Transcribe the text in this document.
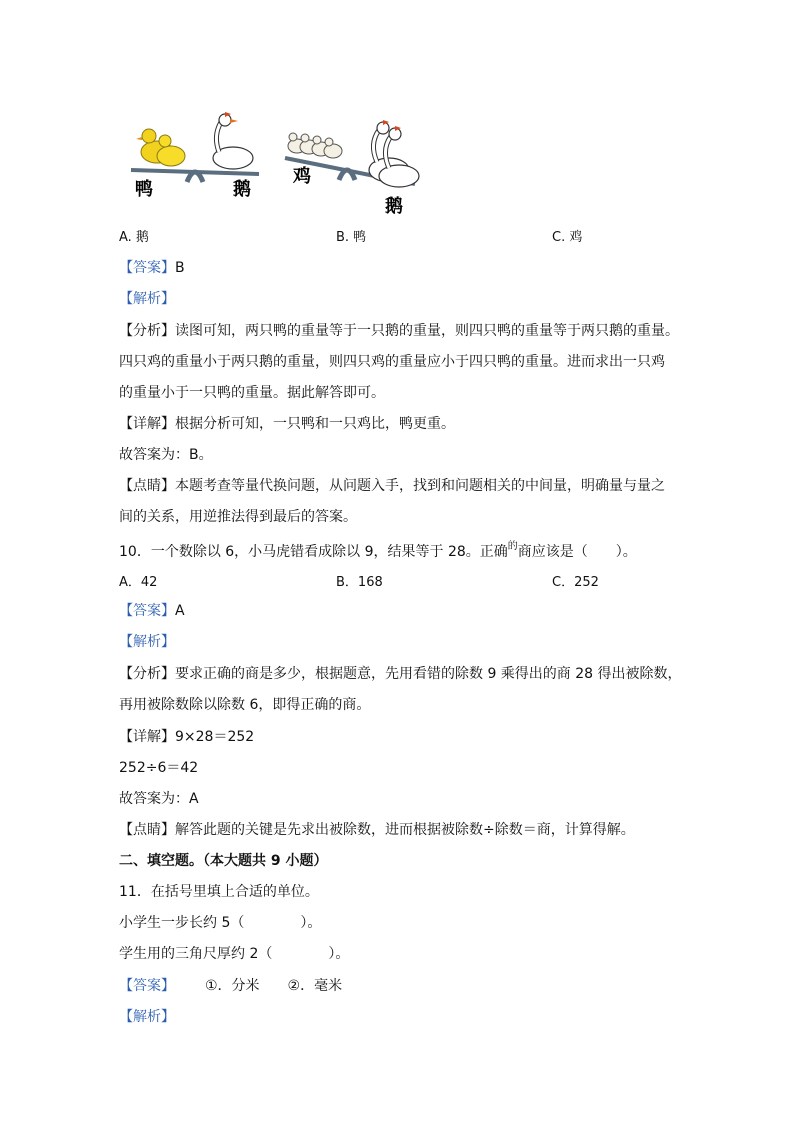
鸭	鹅
鸡
鹅
A. 鹅	B. 鸭	C. 鸡
【答案】B
【解析】
【分析】读图可知，两只鸭的重量等于一只鹅的重量，则四只鸭的重量等于两只鹅的重量。
四只鸡的重量小于两只鹅的重量，则四只鸡的重量应小于四只鸭的重量。进而求出一只鸡
的重量小于一只鸭的重量。据此解答即可。
【详解】根据分析可知，一只鸭和一只鸡比，鸭更重。
故答案为：B。
【点睛】本题考查等量代换问题，从问题入手，找到和问题相关的中间量，明确量与量之
间的关系，用逆推法得到最后的答案。
10．一个数除以 6，小马虎错看成除以 9，结果等于 28。正确$^的$商应该是（　　）。
A．42	B．168	C．252
【答案】A
【解析】
【分析】要求正确的商是多少，根据题意，先用看错的除数 9 乘得出的商 28 得出被除数，
再用被除数除以除数 6，即得正确的商。
【详解】9×28＝252
252÷6＝42
故答案为：A
【点睛】解答此题的关键是先求出被除数，进而根据被除数÷除数＝商，计算得解。
二、填空题。（本大题共 9 小题）
11．在括号里填上合适的单位。
小学生一步长约 5（　　　　）。
学生用的三角尺厚约 2（　　　　）。
【答案】 ①．分米　　②．毫米
【解析】
